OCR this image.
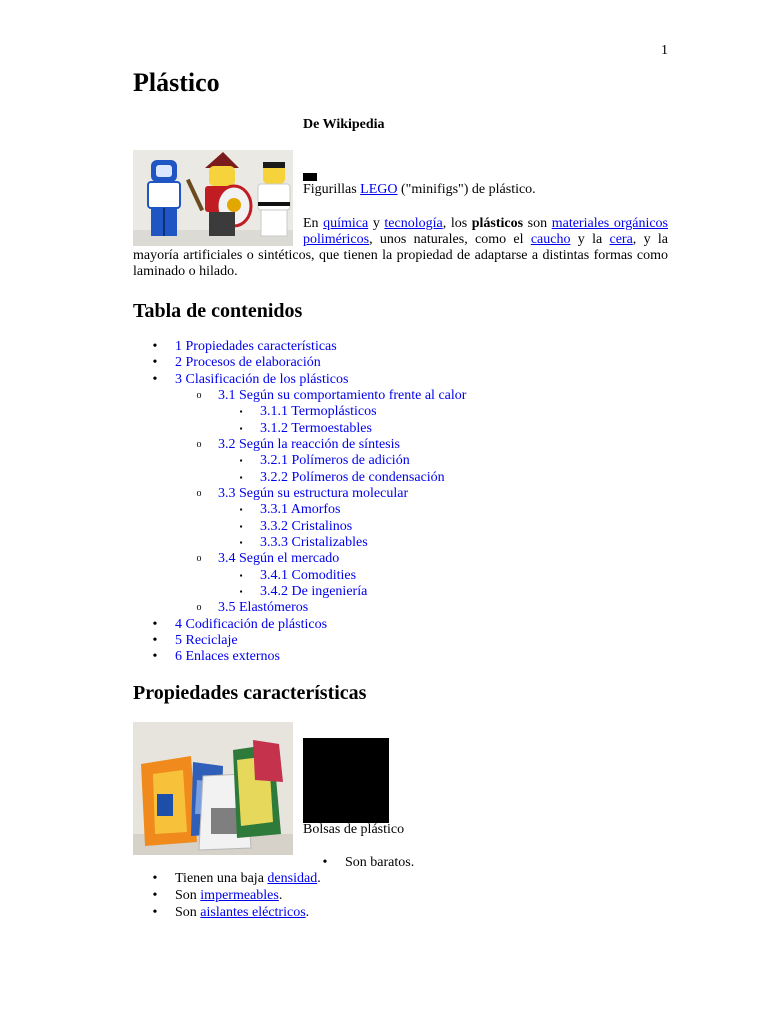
1
Plástico
De Wikipedia
Figurillas LEGO ("minifigs") de plástico.

En química y tecnología, los plásticos son materiales orgánicos poliméricos, unos naturales, como el caucho y la cera, y la mayoría artificiales o sintéticos, que tienen la propiedad de adaptarse a distintas formas como laminado o hilado.

Tabla de contenidos
• 1 Propiedades características
• 2 Procesos de elaboración
• 3 Clasificación de los plásticos
o 3.1 Según su comportamiento frente al calor
▪ 3.1.1 Termoplásticos
▪ 3.1.2 Termoestables
o 3.2 Según la reacción de síntesis
▪ 3.2.1 Polímeros de adición
▪ 3.2.2 Polímeros de condensación
o 3.3 Según su estructura molecular
▪ 3.3.1 Amorfos
▪ 3.3.2 Cristalinos
▪ 3.3.3 Cristalizables
o 3.4 Según el mercado
▪ 3.4.1 Comodities
▪ 3.4.2 De ingeniería
o 3.5 Elastómeros
• 4 Codificación de plásticos
• 5 Reciclaje
• 6 Enlaces externos
Propiedades características
Bolsas de plástico
• Son baratos.
• Tienen una baja densidad.
• Son impermeables.
• Son aislantes eléctricos.
